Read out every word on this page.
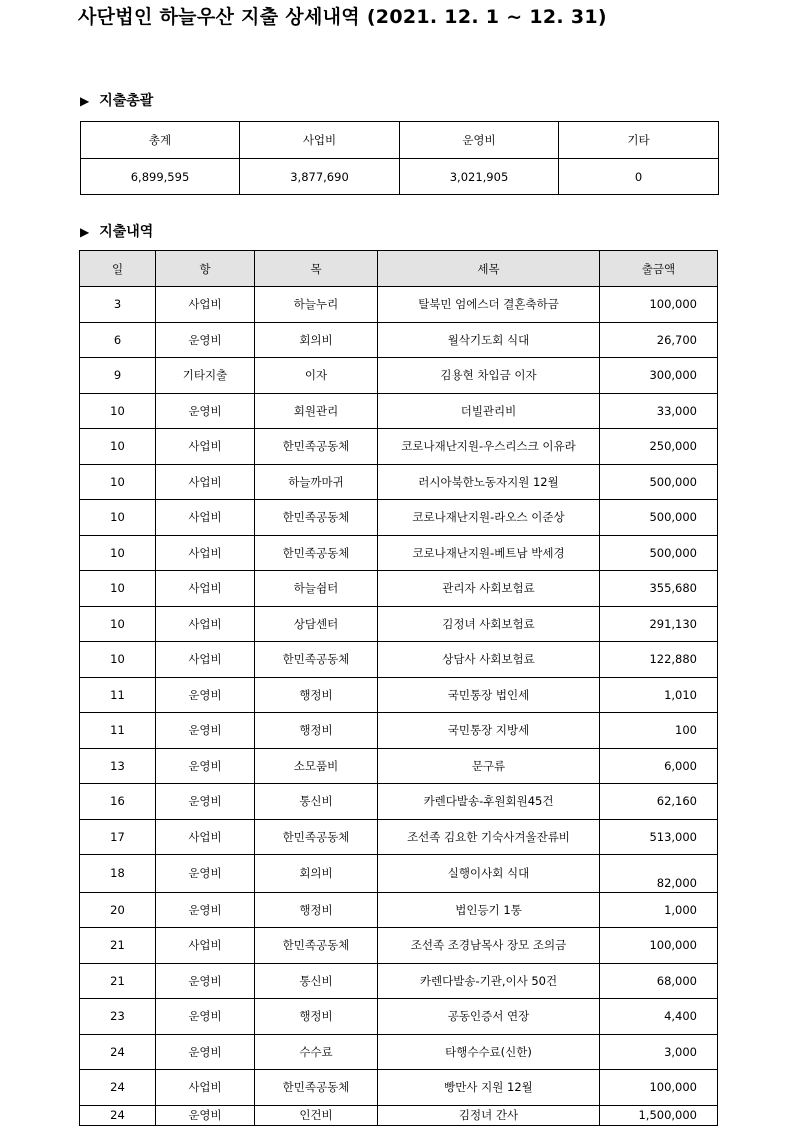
사단법인 하늘우산 지출 상세내역 (2021. 12. 1 ~ 12. 31)
▶ 지출총괄
총계	사업비	운영비	기타
6,899,595	3,877,690	3,021,905	0
▶ 지출내역
일	항	목	세목	출금액
3	사업비	하늘누리	탈북민 엄에스더 결혼축하금	100,000
6	운영비	회의비	월삭기도회 식대	26,700
9	기타지출	이자	김용현 차입금 이자	300,000
10	운영비	회원관리	더빌관리비	33,000
10	사업비	한민족공동체	코로나재난지원-우스리스크 이유라	250,000
10	사업비	하늘까마귀	러시아북한노동자지원 12월	500,000
10	사업비	한민족공동체	코로나재난지원-라오스 이준상	500,000
10	사업비	한민족공동체	코로나재난지원-베트남 박세경	500,000
10	사업비	하늘쉼터	관리자 사회보험료	355,680
10	사업비	상담센터	김정녀 사회보험료	291,130
10	사업비	한민족공동체	상담사 사회보험료	122,880
11	운영비	행정비	국민통장 법인세	1,010
11	운영비	행정비	국민통장 지방세	100
13	운영비	소모품비	문구류	6,000
16	운영비	통신비	카렌다발송-후원회원45건	62,160
17	사업비	한민족공동체	조선족 김요한 기숙사겨울잔류비	513,000
18	운영비	회의비	실행이사회 식대	82,000
20	운영비	행정비	법인등기 1통	1,000
21	사업비	한민족공동체	조선족 조경남목사 장모 조의금	100,000
21	운영비	통신비	카렌다발송-기관,이사 50건	68,000
23	운영비	행정비	공동인증서 연장	4,400
24	운영비	수수료	타행수수료(신한)	3,000
24	사업비	한민족공동체	빵만사 지원 12월	100,000
24	운영비	인건비	김정녀 간사	1,500,000
